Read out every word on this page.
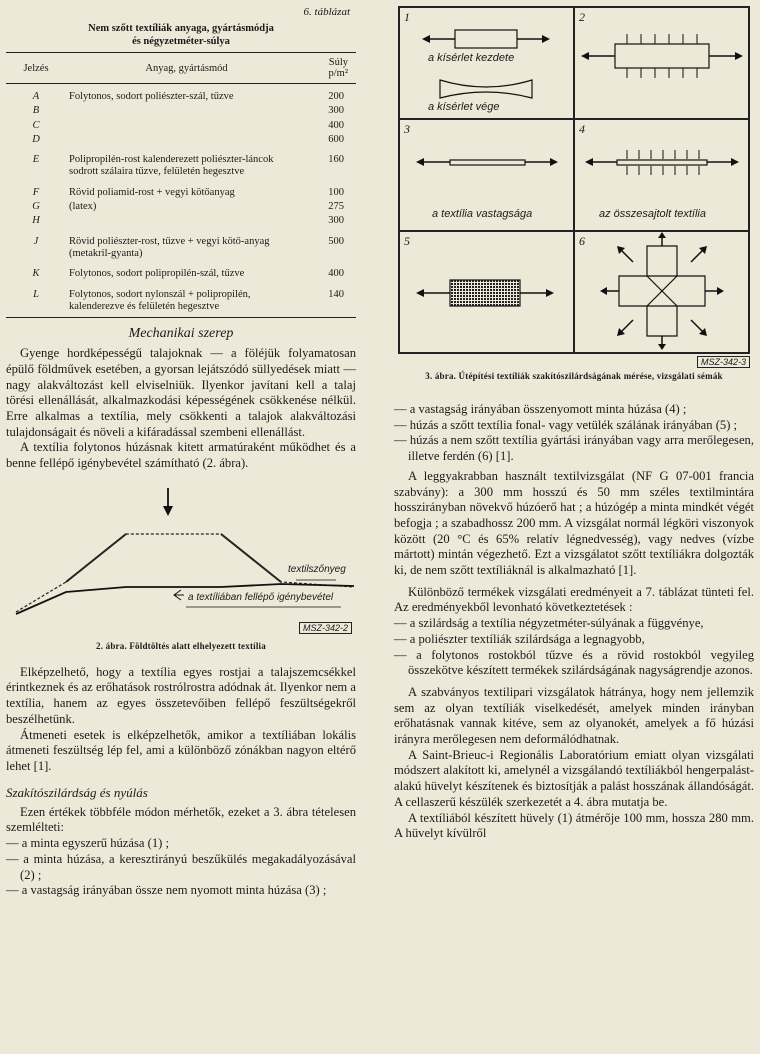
6. táblázat
Nem szőtt textíliák anyaga, gyártásmódja
és négyzetméter-súlya
Jelzés	Anyag, gyártásmód	Súly
p/m²

A	Folytonos, sodort poliészter-szál, tűzve	200
B		300
C		400
D		600
E	Polipropilén-rost kalenderezett poliészter-láncok sodrott szálaira tűzve, felületén hegesztve	160
F	Rövid poliamid-rost + vegyi kötőanyag	100
G	(latex)	275
H		300
J	Rövid poliészter-rost, tűzve + vegyi kötő-anyag (metakril-gyanta)	500
K	Folytonos, sodort polipropilén-szál, tűzve	400
L	Folytonos, sodort nylonszál + polipropilén, kalenderezve és felületén hegesztve	140
Mechanikai szerep

Gyenge hordképességű talajoknak — a föléjük folyamatosan épülő földművek esetében, a gyorsan lejátszódó süllyedések miatt — nagy alakváltozást kell elviselniük. Ilyenkor javítani kell a talaj törési ellenállását, alkalmazkodási képességének csökkenése nélkül. Erre alkalmas a textília, mely csökkenti a talajok alakváltozási tulajdonságait és növeli a kifáradással szembeni ellenállást.

A textília folytonos húzásnak kitett armatúraként működhet és a benne fellépő igénybevétel számítható (2. ábra).

textilszőnyeg
a textíliában fellépő igénybevétel
MSZ-342-2
2. ábra. Földtöltés alatt elhelyezett textília

Elképzelhető, hogy a textília egyes rostjai a talajszemcsékkel érintkeznek és az erőhatások rostrólrostra adódnak át. Ilyenkor nem a textília, hanem az egyes összetevőiben fellépő feszültségekről beszélhetünk.

Átmeneti esetek is elképzelhetők, amikor a textíliában lokális átmeneti feszültség lép fel, ami a különböző zónákban nagyon eltérő lehet [1].

Szakítószilárdság és nyúlás

Ezen értékek többféle módon mérhetők, ezeket a 3. ábra tételesen szemlélteti:

— a minta egyszerű húzása (1) ;
— a minta húzása, a keresztirányú beszűkülés megakadályozásával (2) ;
— a vastagság irányában össze nem nyomott minta húzása (3) ;
1
a kísérlet kezdete
a kísérlet vége
2
3
a textília vastagsága
4
az összesajtolt textília
5	6
MSZ-342-3
3. ábra. Útépítési textíliák szakítószilárdságának mérése, vizsgálati sémák
— a vastagság irányában összenyomott minta húzása (4) ;
— húzás a szőtt textília fonal- vagy vetülék szálának irányában (5) ;
— húzás a nem szőtt textília gyártási irányában vagy arra merőlegesen, illetve ferdén (6) [1].

A leggyakrabban használt textilvizsgálat (NF G 07-001 francia szabvány): a 300 mm hosszú és 50 mm széles textilmintára hosszirányban növekvő húzóerő hat ; a húzógép a minta mindkét végét befogja ; a szabadhossz 200 mm. A vizsgálat normál légköri viszonyok között (20 °C és 65% relatív légnedvesség), vagy nedves (vízbe mártott) mintán végezhető. Ezt a vizsgálatot szőtt textíliákra dolgozták ki, de nem szőtt textíliáknál is alkalmazható [1].

Különböző termékek vizsgálati eredményeit a 7. táblázat tünteti fel. Az eredményekből levonható következtetések :

— a szilárdság a textília négyzetméter-súlyának a függvénye,
— a poliészter textíliák szilárdsága a legnagyobb,
— a folytonos rostokból tűzve és a rövid rostokból vegyileg összekötve készített termékek szilárdságának nagyságrendje azonos.

A szabványos textilipari vizsgálatok hátránya, hogy nem jellemzik sem az olyan textíliák viselkedését, amelyek minden irányban erőhatásnak vannak kitéve, sem az olyanokét, amelyek a fő húzási irányra merőlegesen nem deformálódhatnak.

A Saint-Brieuc-i Regionális Laboratórium emiatt olyan vizsgálati módszert alakított ki, amelynél a vizsgálandó textíliákból hengerpalást-alakú hüvelyt készítenek és biztosítják a palást hosszának állandóságát. A cellaszerű készülék szerkezetét a 4. ábra mutatja be.

A textíliából készített hüvely (1) átmérője 100 mm, hossza 280 mm. A hüvelyt kívülről
